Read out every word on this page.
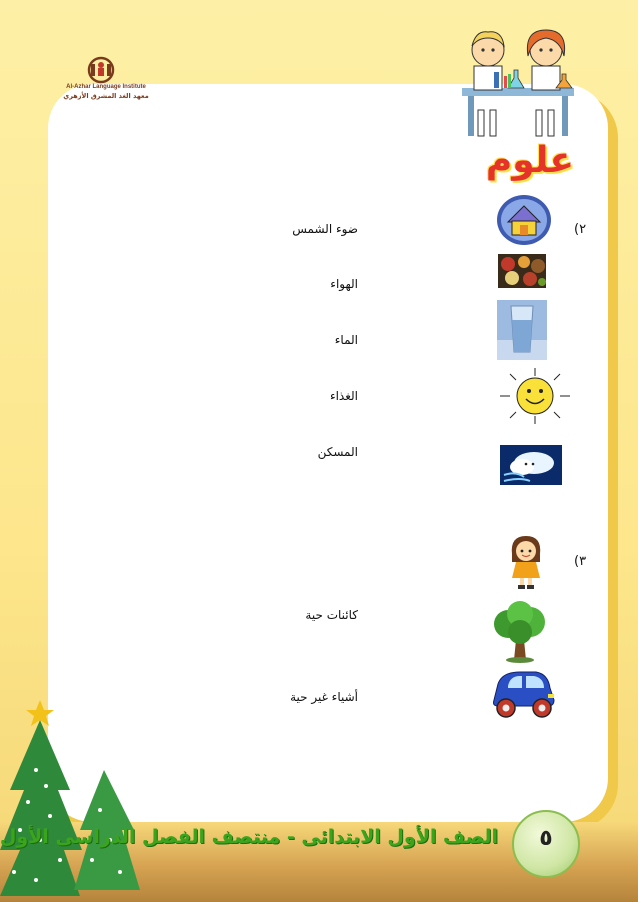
Al-Azhar Language Institute
معهد الغد المشرق الأزهري
علوم
٢)
ضوء الشمس
الهواء
الماء
الغذاء
المسكن
٣)
كائنات حية
أشياء غير حية
الصف الأول الابتدائى - منتصف الفصل الدراسى الأول	٥
